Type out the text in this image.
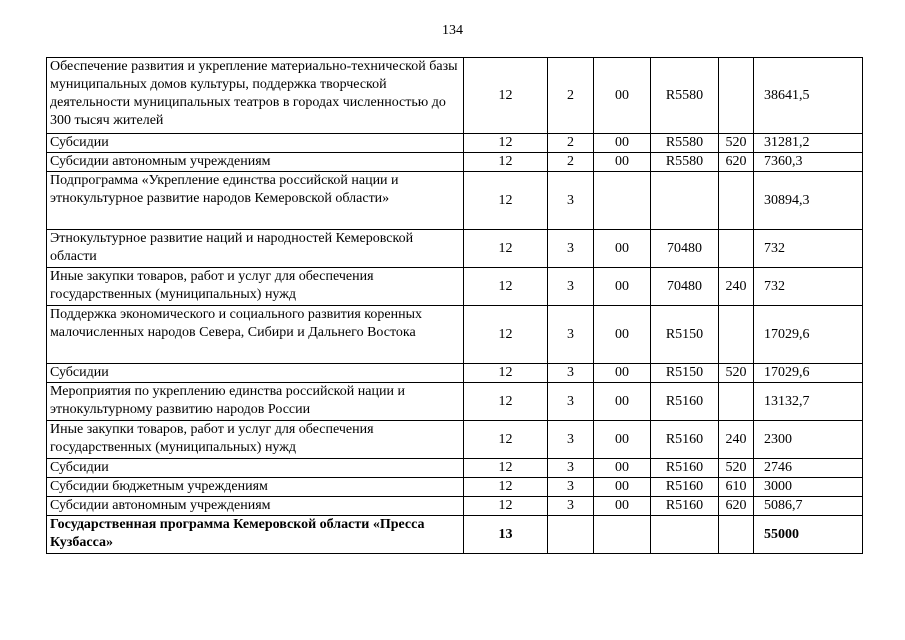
134
Обеспечение развития и укрепление материально-технической базы муниципальных домов культуры, поддержка творческой деятельности муниципальных театров в городах численностью до 300 тысяч жителей	12	2	00	R5580		38641,5
Субсидии	12	2	00	R5580	520	31281,2
Субсидии автономным учреждениям	12	2	00	R5580	620	7360,3
Подпрограмма «Укрепление единства российской нации и этнокультурное развитие народов Кемеровской области»	12	3				30894,3
Этнокультурное развитие наций и народностей Кемеровской области	12	3	00	70480		732
Иные закупки товаров, работ и услуг для обеспечения государственных (муниципальных) нужд	12	3	00	70480	240	732
Поддержка экономического и социального развития коренных малочисленных народов Севера, Сибири и Дальнего Востока	12	3	00	R5150		17029,6
Субсидии	12	3	00	R5150	520	17029,6
Мероприятия по укреплению единства российской нации и этнокультурному развитию народов России	12	3	00	R5160		13132,7
Иные закупки товаров, работ и услуг для обеспечения государственных (муниципальных) нужд	12	3	00	R5160	240	2300
Субсидии	12	3	00	R5160	520	2746
Субсидии бюджетным учреждениям	12	3	00	R5160	610	3000
Субсидии автономным учреждениям	12	3	00	R5160	620	5086,7
Государственная программа Кемеровской области «Пресса Кузбасса»	13					55000
